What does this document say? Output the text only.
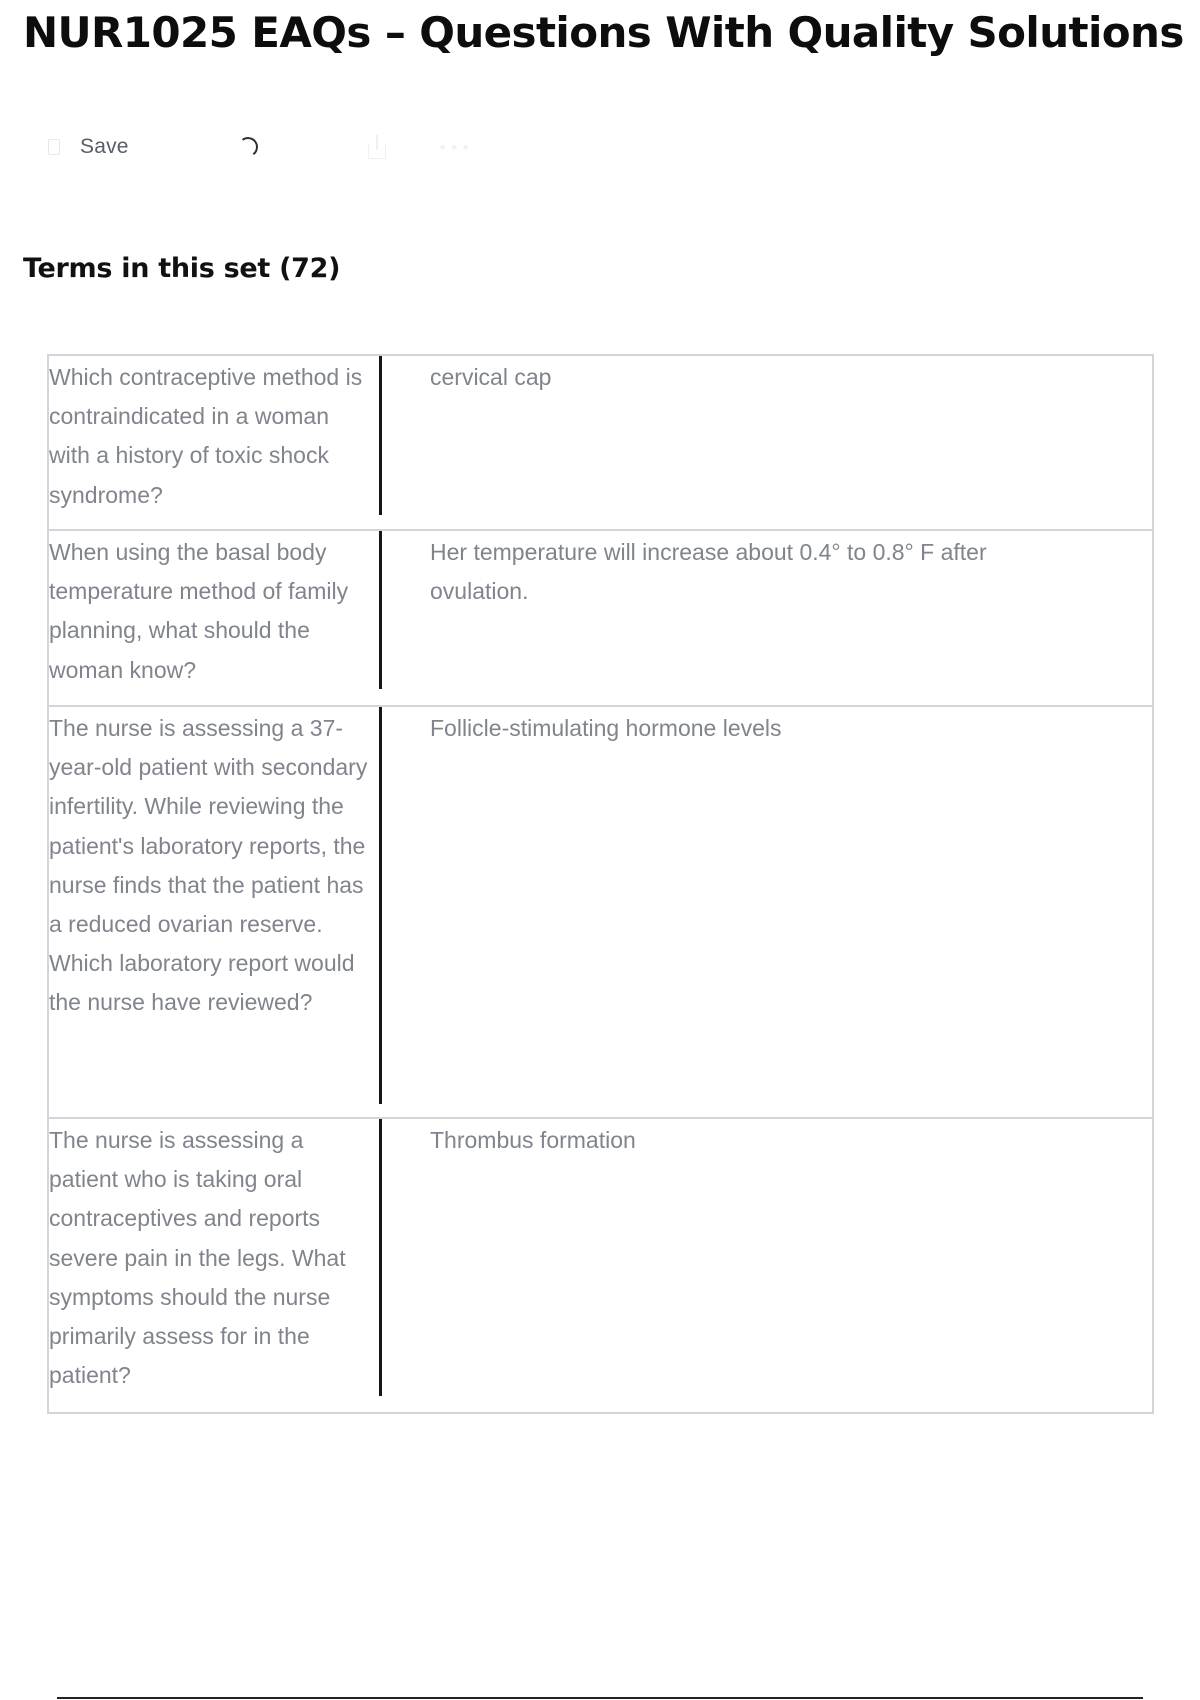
NUR1025 EAQs – Questions With Quality Solutions
Save	•••
Terms in this set (72)
Which contraceptive method is contraindicated in a woman with a history of toxic shock syndrome?
cervical cap
When using the basal body temperature method of family planning, what should the woman know?
Her temperature will increase about 0.4° to 0.8° F after ovulation.
The nurse is assessing a 37-year-old patient with secondary infertility. While reviewing the patient's laboratory reports, the nurse finds that the patient has a reduced ovarian reserve. Which laboratory report would the nurse have reviewed?
Follicle-stimulating hormone levels
The nurse is assessing a patient who is taking oral contraceptives and reports severe pain in the legs. What symptoms should the nurse primarily assess for in the patient?
Thrombus formation
